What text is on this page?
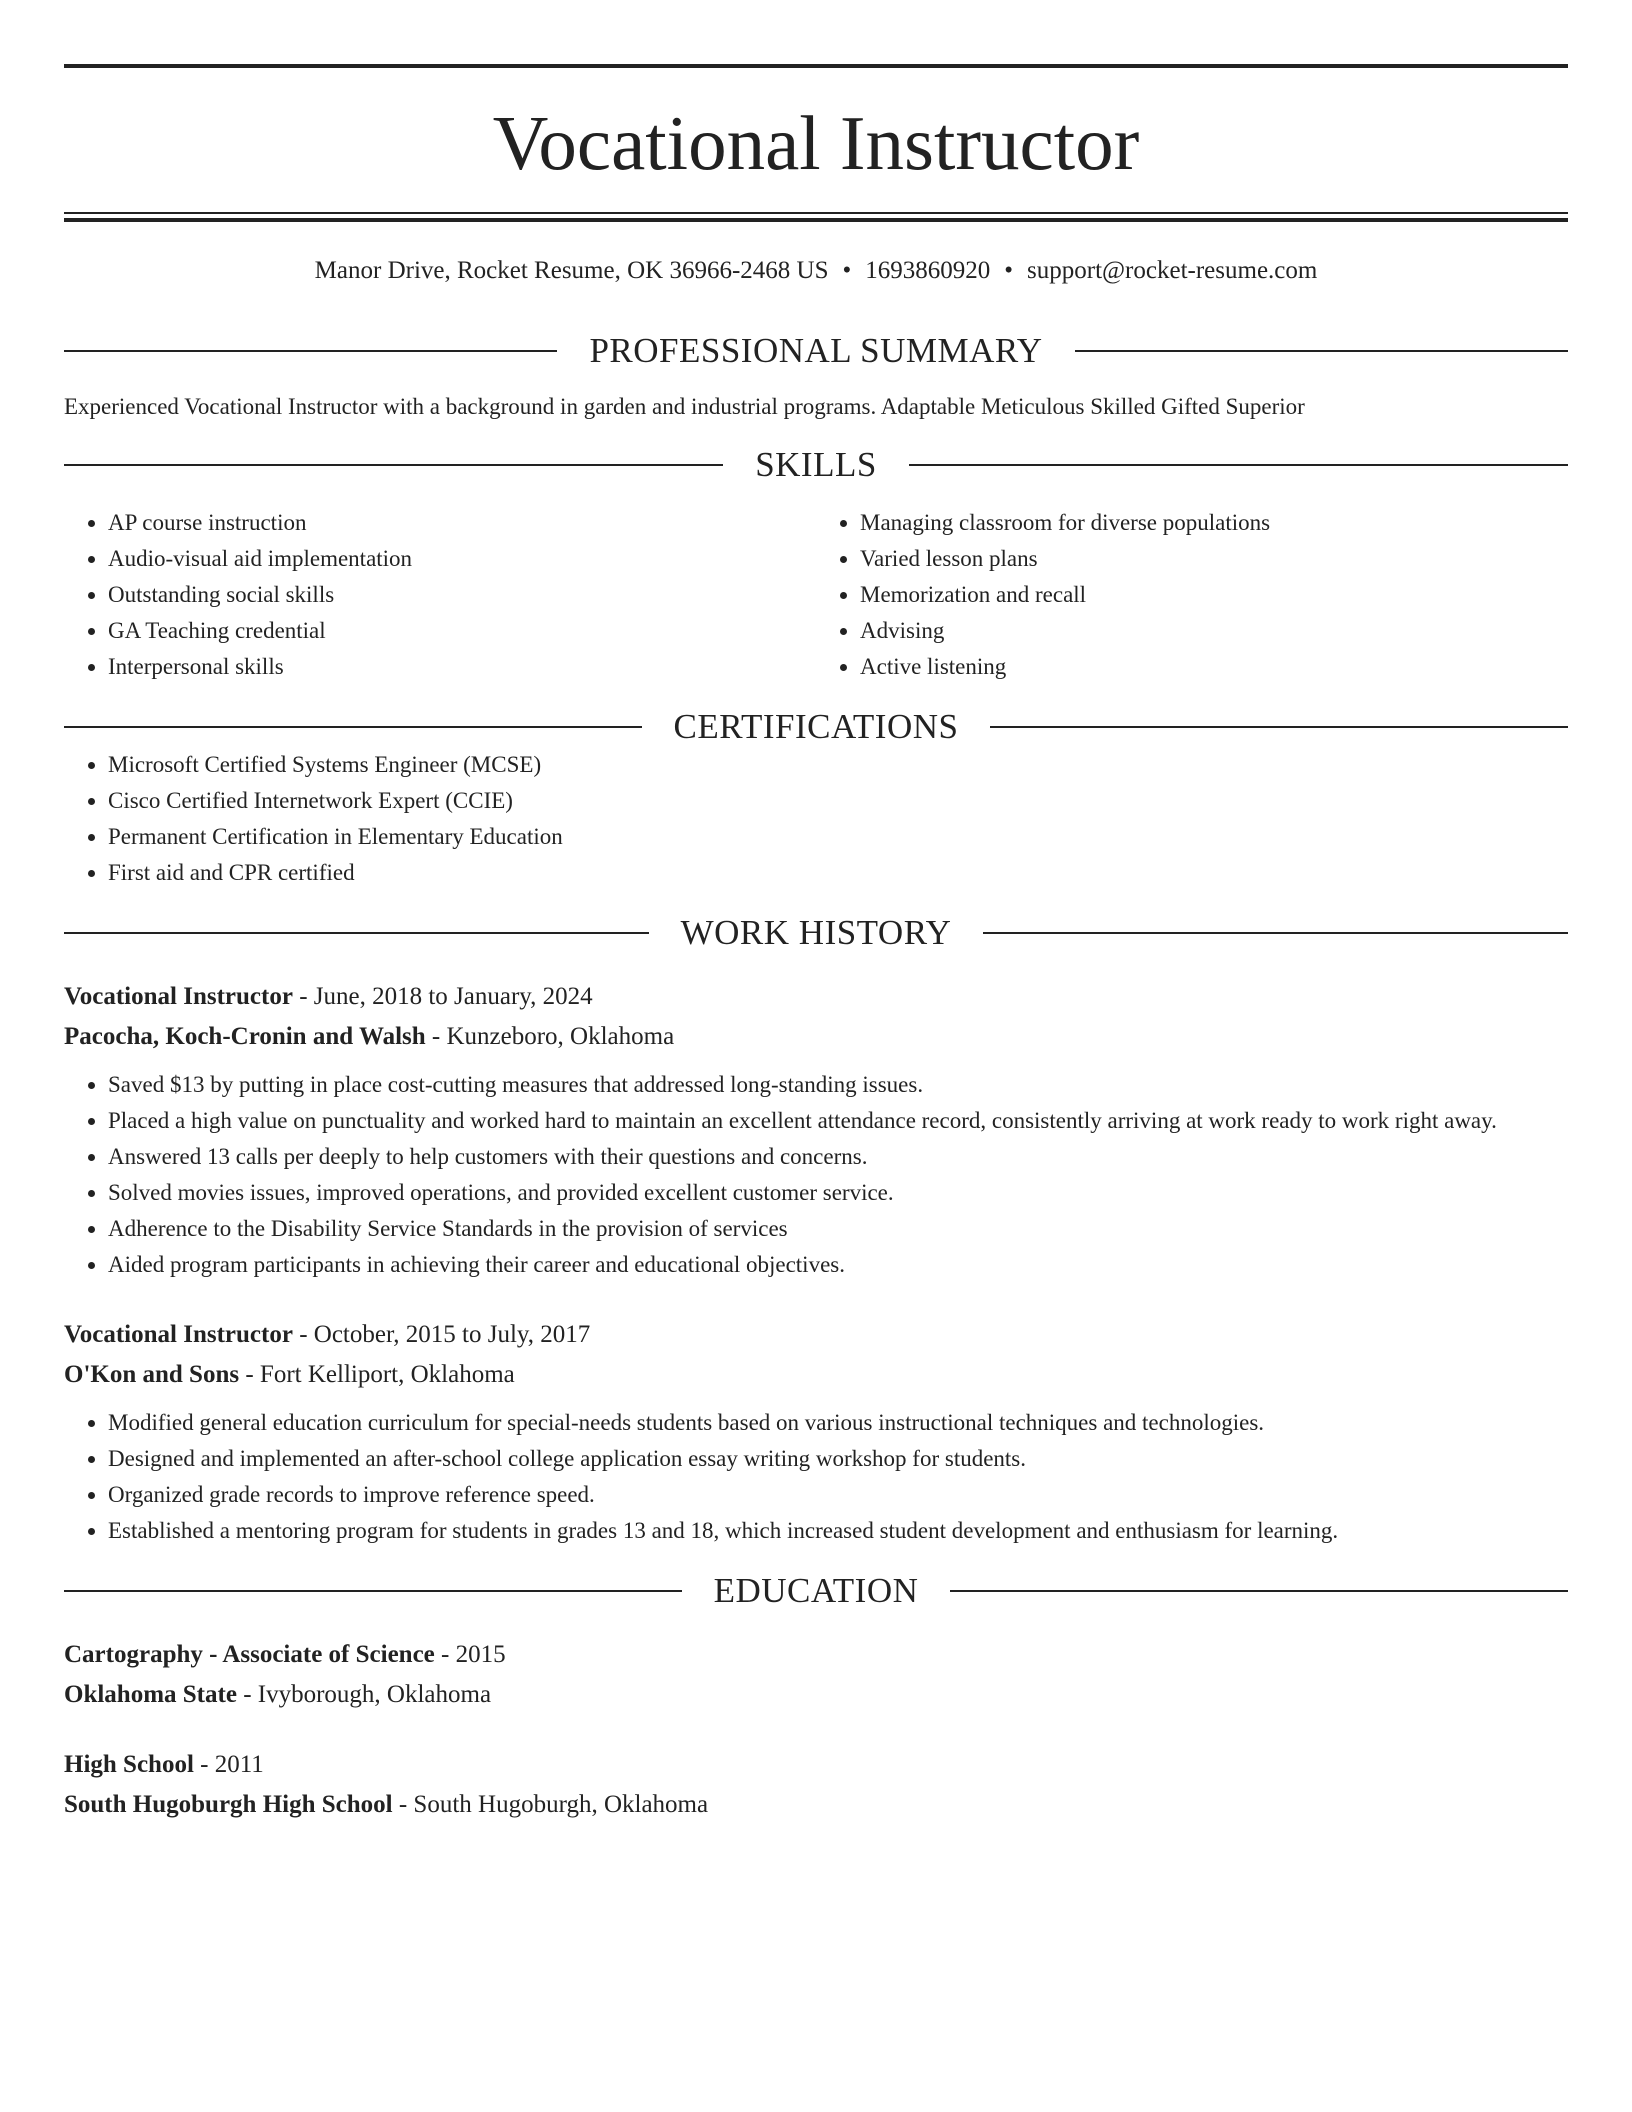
Vocational Instructor
Manor Drive, Rocket Resume, OK 36966-2468 US • 1693860920 • support@rocket-resume.com
PROFESSIONAL SUMMARY
Experienced Vocational Instructor with a background in garden and industrial programs. Adaptable Meticulous Skilled Gifted Superior
SKILLS
• AP course instruction
• Audio-visual aid implementation
• Outstanding social skills
• GA Teaching credential
• Interpersonal skills
• Managing classroom for diverse populations
• Varied lesson plans
• Memorization and recall
• Advising
• Active listening
CERTIFICATIONS
• Microsoft Certified Systems Engineer (MCSE)
• Cisco Certified Internetwork Expert (CCIE)
• Permanent Certification in Elementary Education
• First aid and CPR certified
WORK HISTORY
Vocational Instructor - June, 2018 to January, 2024
Pacocha, Koch-Cronin and Walsh - Kunzeboro, Oklahoma
• Saved $13 by putting in place cost-cutting measures that addressed long-standing issues.
• Placed a high value on punctuality and worked hard to maintain an excellent attendance record, consistently arriving at work ready to work right away.
• Answered 13 calls per deeply to help customers with their questions and concerns.
• Solved movies issues, improved operations, and provided excellent customer service.
• Adherence to the Disability Service Standards in the provision of services
• Aided program participants in achieving their career and educational objectives.
Vocational Instructor - October, 2015 to July, 2017
O'Kon and Sons - Fort Kelliport, Oklahoma
• Modified general education curriculum for special-needs students based on various instructional techniques and technologies.
• Designed and implemented an after-school college application essay writing workshop for students.
• Organized grade records to improve reference speed.
• Established a mentoring program for students in grades 13 and 18, which increased student development and enthusiasm for learning.
EDUCATION
Cartography - Associate of Science - 2015
Oklahoma State - Ivyborough, Oklahoma
High School - 2011
South Hugoburgh High School - South Hugoburgh, Oklahoma
